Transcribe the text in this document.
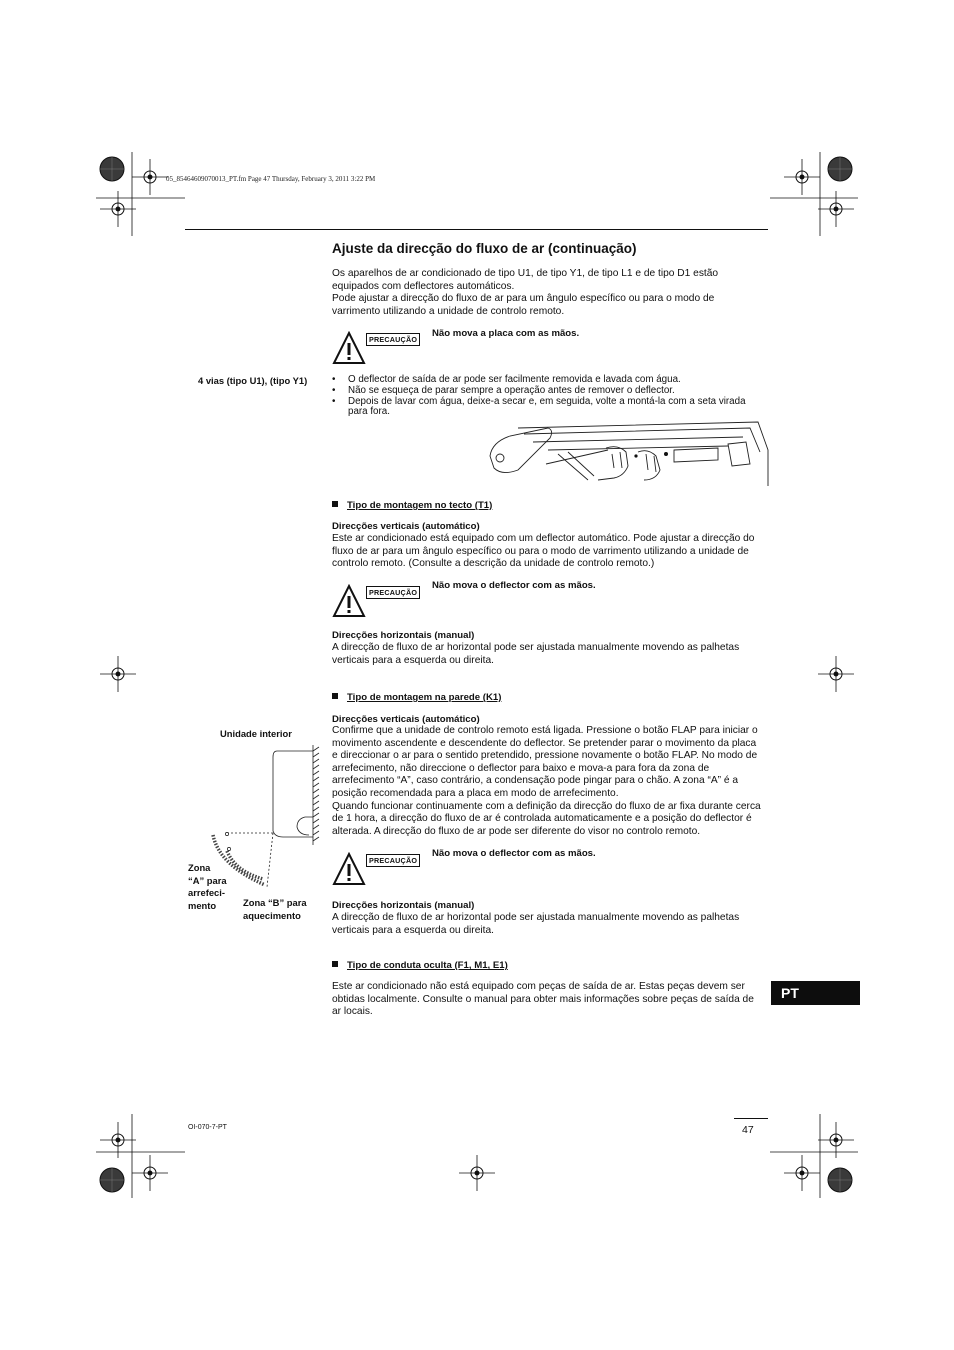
05_85464609070013_PT.fm Page 47 Thursday, February 3, 2011 3:22 PM
Ajuste da direcção do fluxo de ar (continuação)

Os aparelhos de ar condicionado de tipo U1, de tipo Y1, de tipo L1 e de tipo D1 estão

equipados com deflectores automáticos.

Pode ajustar a direcção do fluxo de ar para um ângulo específico ou para o modo de

varrimento utilizando a unidade de controlo remoto.

PRECAUÇÃO
Não mova a placa com as mãos.
4 vias (tipo U1), (tipo Y1)	• O deflector de saída de ar pode ser facilmente removida e lavada com água.
• Não se esqueça de parar sempre a operação antes de remover o deflector.
• Depois de lavar com água, deixe-a secar e, em seguida, volte a montá-la com a seta virada
para fora.
Tipo de montagem no tecto (T1)
Direcções verticais (automático)

Este ar condicionado está equipado com um deflector automático. Pode ajustar a direcção do

fluxo de ar para um ângulo específico ou para o modo de varrimento utilizando a unidade de

controlo remoto. (Consulte a descrição da unidade de controlo remoto.)

PRECAUÇÃO
Não mova o deflector com as mãos.
Direcções horizontais (manual)

A direcção de fluxo de ar horizontal pode ser ajustada manualmente movendo as palhetas

verticais para a esquerda ou direita.

Tipo de montagem na parede (K1)
Direcções verticais (automático)

Confirme que a unidade de controlo remoto está ligada. Pressione o botão FLAP para iniciar o

movimento ascendente e descendente do deflector. Se pretender parar o movimento da placa

e direccionar o ar para o sentido pretendido, pressione novamente o botão FLAP. No modo de

arrefecimento, não direccione o deflector para baixo e mova-a para fora da zona de

arrefecimento “A”, caso contrário, a condensação pode pingar para o chão. A zona “A” é a

posição recomendada para a placa em modo de arrefecimento.

Quando funcionar continuamente com a definição da direcção do fluxo de ar fixa durante cerca

de 1 hora, a direcção do fluxo de ar é controlada automaticamente e a posição do deflector é

alterada. A direcção do fluxo de ar pode ser diferente do visor no controlo remoto.

PRECAUÇÃO
Não mova o deflector com as mãos.
Direcções horizontais (manual)

A direcção de fluxo de ar horizontal pode ser ajustada manualmente movendo as palhetas

verticais para a esquerda ou direita.

Unidade interior

Zona

“A” para

arrefeci-

mento	Zona “B” para

aquecimento

Tipo de conduta oculta (F1, M1, E1)

Este ar condicionado não está equipado com peças de saída de ar. Estas peças devem ser

obtidas localmente. Consulte o manual para obter mais informações sobre peças de saída de

ar locais.

PT
OI-070-7-PT	47
